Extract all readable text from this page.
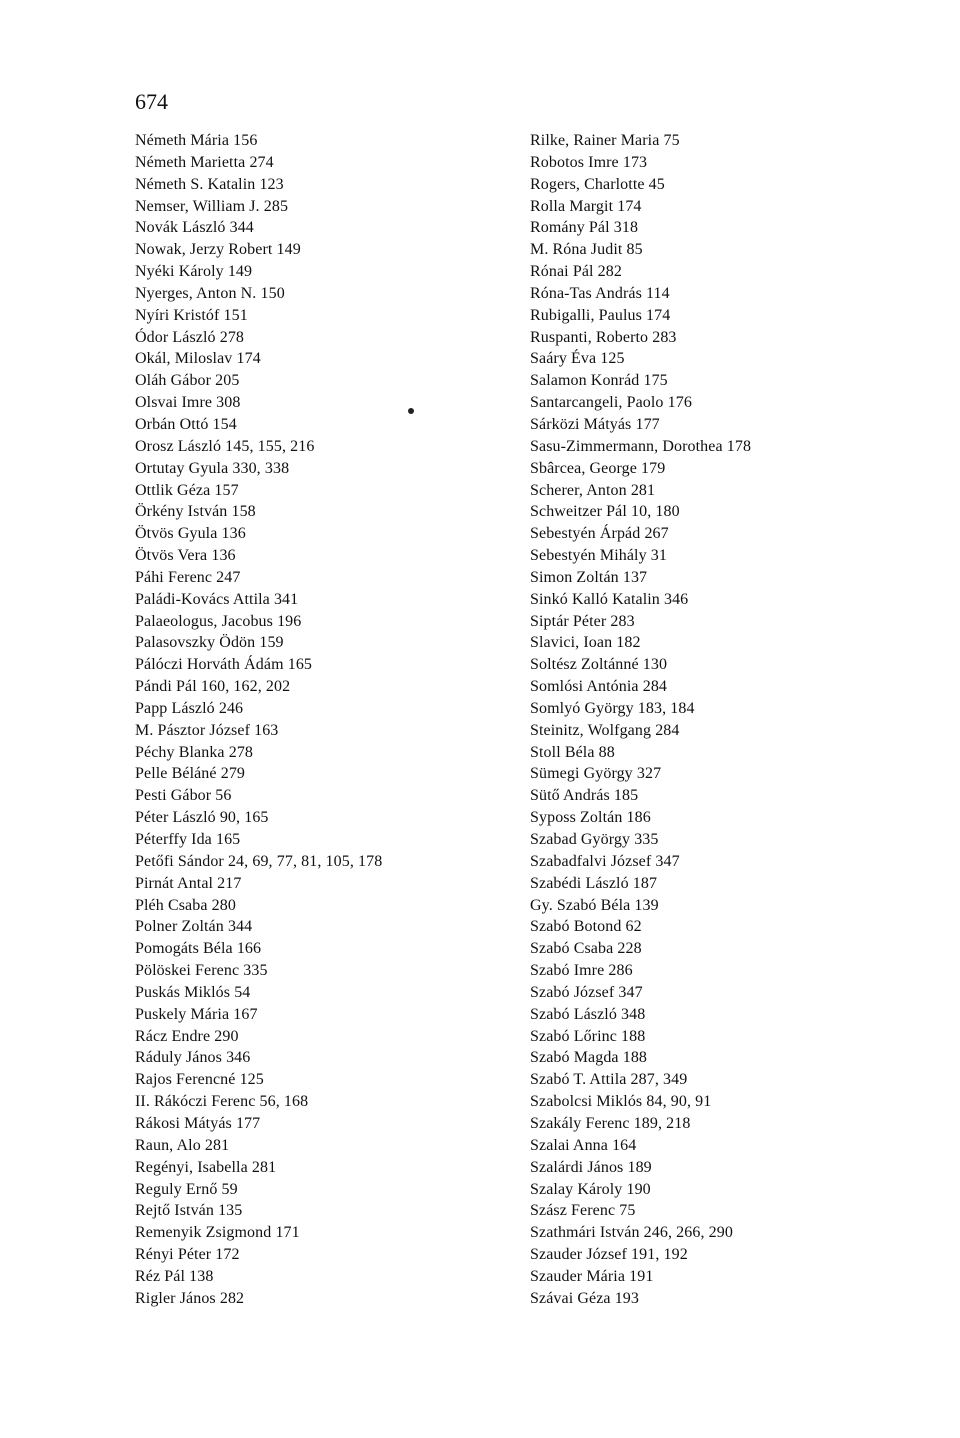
674
Németh Mária 156
Németh Marietta 274
Németh S. Katalin 123
Nemser, William J. 285
Novák László 344
Nowak, Jerzy Robert 149
Nyéki Károly 149
Nyerges, Anton N. 150
Nyíri Kristóf 151
Ódor László 278
Okál, Miloslav 174
Oláh Gábor 205
Olsvai Imre 308
Orbán Ottó 154
Orosz László 145, 155, 216
Ortutay Gyula 330, 338
Ottlik Géza 157
Örkény István 158
Ötvös Gyula 136
Ötvös Vera 136
Páhi Ferenc 247
Paládi-Kovács Attila 341
Palaeologus, Jacobus 196
Palasovszky Ödön 159
Pálóczi Horváth Ádám 165
Pándi Pál 160, 162, 202
Papp László 246
M. Pásztor József 163
Péchy Blanka 278
Pelle Béláné 279
Pesti Gábor 56
Péter László 90, 165
Péterffy Ida 165
Petőfi Sándor 24, 69, 77, 81, 105, 178
Pirnát Antal 217
Pléh Csaba 280
Polner Zoltán 344
Pomogáts Béla 166
Pölöskei Ferenc 335
Puskás Miklós 54
Puskely Mária 167
Rácz Endre 290
Ráduly János 346
Rajos Ferencné 125
II. Rákóczi Ferenc 56, 168
Rákosi Mátyás 177
Raun, Alo 281
Regényi, Isabella 281
Reguly Ernő 59
Rejtő István 135
Remenyik Zsigmond 171
Rényi Péter 172
Réz Pál 138
Rigler János 282
Rilke, Rainer Maria 75
Robotos Imre 173
Rogers, Charlotte 45
Rolla Margit 174
Romány Pál 318
M. Róna Judit 85
Rónai Pál 282
Róna-Tas András 114
Rubigalli, Paulus 174
Ruspanti, Roberto 283
Saáry Éva 125
Salamon Konrád 175
Santarcangeli, Paolo 176
Sárközi Mátyás 177
Sasu-Zimmermann, Dorothea 178
Sbârcea, George 179
Scherer, Anton 281
Schweitzer Pál 10, 180
Sebestyén Árpád 267
Sebestyén Mihály 31
Simon Zoltán 137
Sinkó Kalló Katalin 346
Siptár Péter 283
Slavici, Ioan 182
Soltész Zoltánné 130
Somlósi Antónia 284
Somlyó György 183, 184
Steinitz, Wolfgang 284
Stoll Béla 88
Sümegi György 327
Sütő András 185
Syposs Zoltán 186
Szabad György 335
Szabadfalvi József 347
Szabédi László 187
Gy. Szabó Béla 139
Szabó Botond 62
Szabó Csaba 228
Szabó Imre 286
Szabó József 347
Szabó László 348
Szabó Lőrinc 188
Szabó Magda 188
Szabó T. Attila 287, 349
Szabolcsi Miklós 84, 90, 91
Szakály Ferenc 189, 218
Szalai Anna 164
Szalárdi János 189
Szalay Károly 190
Szász Ferenc 75
Szathmári István 246, 266, 290
Szauder József 191, 192
Szauder Mária 191
Szávai Géza 193
